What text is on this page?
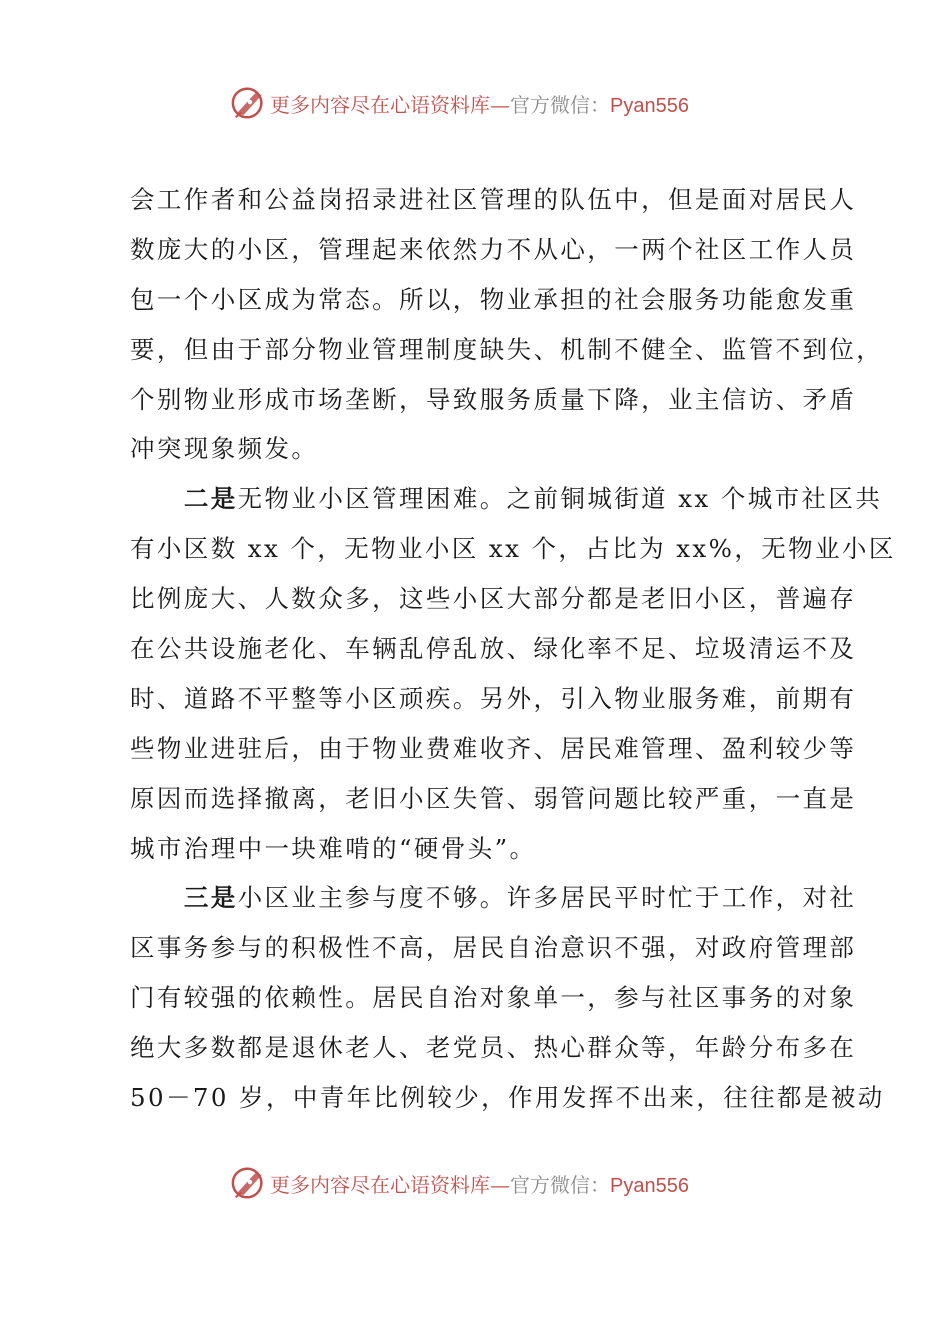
更多内容尽在心语资料库—官方微信：Pyan556
会工作者和公益岗招录进社区管理的队伍中，但是面对居民人
数庞大的小区，管理起来依然力不从心，一两个社区工作人员
包一个小区成为常态。所以，物业承担的社会服务功能愈发重
要，但由于部分物业管理制度缺失、机制不健全、监管不到位，
个别物业形成市场垄断，导致服务质量下降，业主信访、矛盾
冲突现象频发。
　　二是无物业小区管理困难。之前铜城街道 xx 个城市社区共
有小区数 xx 个，无物业小区 xx 个，占比为 xx%，无物业小区
比例庞大、人数众多，这些小区大部分都是老旧小区，普遍存
在公共设施老化、车辆乱停乱放、绿化率不足、垃圾清运不及
时、道路不平整等小区顽疾。另外，引入物业服务难，前期有
些物业进驻后，由于物业费难收齐、居民难管理、盈利较少等
原因而选择撤离，老旧小区失管、弱管问题比较严重，一直是
城市治理中一块难啃的“硬骨头”。
　　三是小区业主参与度不够。许多居民平时忙于工作，对社
区事务参与的积极性不高，居民自治意识不强，对政府管理部
门有较强的依赖性。居民自治对象单一，参与社区事务的对象
绝大多数都是退休老人、老党员、热心群众等，年龄分布多在
50－70 岁，中青年比例较少，作用发挥不出来，往往都是被动
更多内容尽在心语资料库—官方微信：Pyan556
